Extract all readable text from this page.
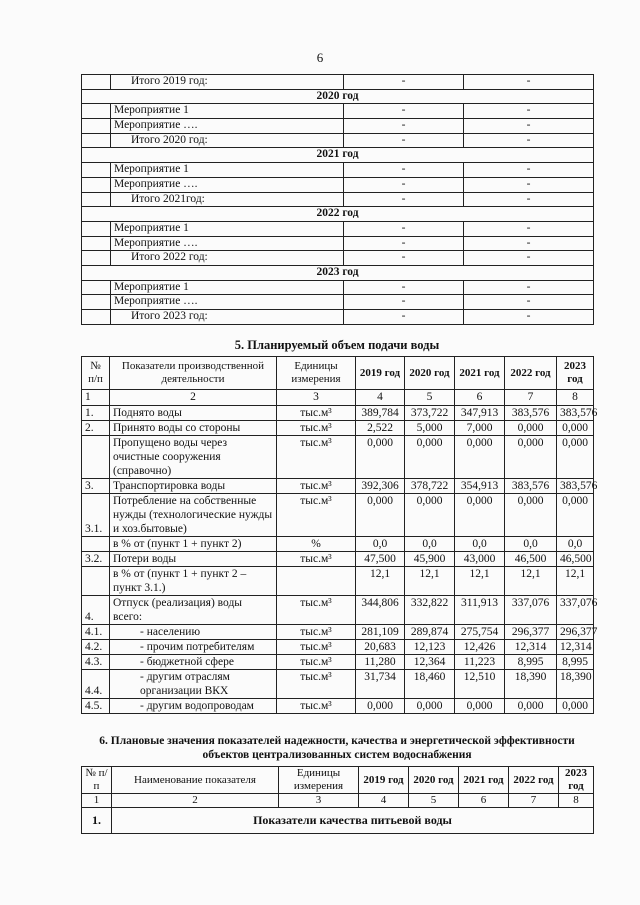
6
	Итого 2019 год:	-	-
2020 год			
	Мероприятие 1	-	-
	Мероприятие ….	-	-
	Итого 2020 год:	-	-
2021 год			
	Мероприятие 1	-	-
	Мероприятие ….	-	-
	Итого 2021год:	-	-
2022 год			
	Мероприятие 1	-	-
	Мероприятие ….	-	-
	Итого 2022 год:	-	-
2023 год			
	Мероприятие 1	-	-
	Мероприятие ….	-	-
	Итого 2023 год:	-	-
5. Планируемый объем подачи воды
№ п/п	Показатели производственной деятельности	Единицы измерения	2019 год	2020 год	2021 год	2022 год	2023 год
1	2	3	4	5	6	7	8
1.	Поднято воды	тыс.м³	389,784	373,722	347,913	383,576	383,576
2.	Принято воды со стороны	тыс.м³	2,522	5,000	7,000	0,000	0,000
	Пропущено воды через очистные сооружения (справочно)	тыс.м³	0,000	0,000	0,000	0,000	0,000
3.	Транспортировка воды	тыс.м³	392,306	378,722	354,913	383,576	383,576
3.1.	Потребление на собственные нужды (технологические нужды и хоз.бытовые)	тыс.м³	0,000	0,000	0,000	0,000	0,000
	в % от (пункт 1 + пункт 2)	%	0,0	0,0	0,0	0,0	0,0
3.2.	Потери воды	тыс.м³	47,500	45,900	43,000	46,500	46,500
	в % от (пункт 1 + пункт 2 – пункт 3.1.)		12,1	12,1	12,1	12,1	12,1
4.	Отпуск (реализация) воды всего:	тыс.м³	344,806	332,822	311,913	337,076	337,076
4.1.	- населению	тыс.м³	281,109	289,874	275,754	296,377	296,377
4.2.	- прочим потребителям	тыс.м³	20,683	12,123	12,426	12,314	12,314
4.3.	- бюджетной сфере	тыс.м³	11,280	12,364	11,223	8,995	8,995
4.4.	- другим отраслям организации ВКХ	тыс.м³	31,734	18,460	12,510	18,390	18,390
4.5.	- другим водопроводам	тыс.м³	0,000	0,000	0,000	0,000	0,000
6. Плановые значения показателей надежности, качества и энергетической эффективности объектов централизованных систем водоснабжения
№ п/п	Наименование показателя	Единицы измерения	2019 год	2020 год	2021 год	2022 год	2023 год
1	2	3	4	5	6	7	8
1.	Показатели качества питьевой воды						
